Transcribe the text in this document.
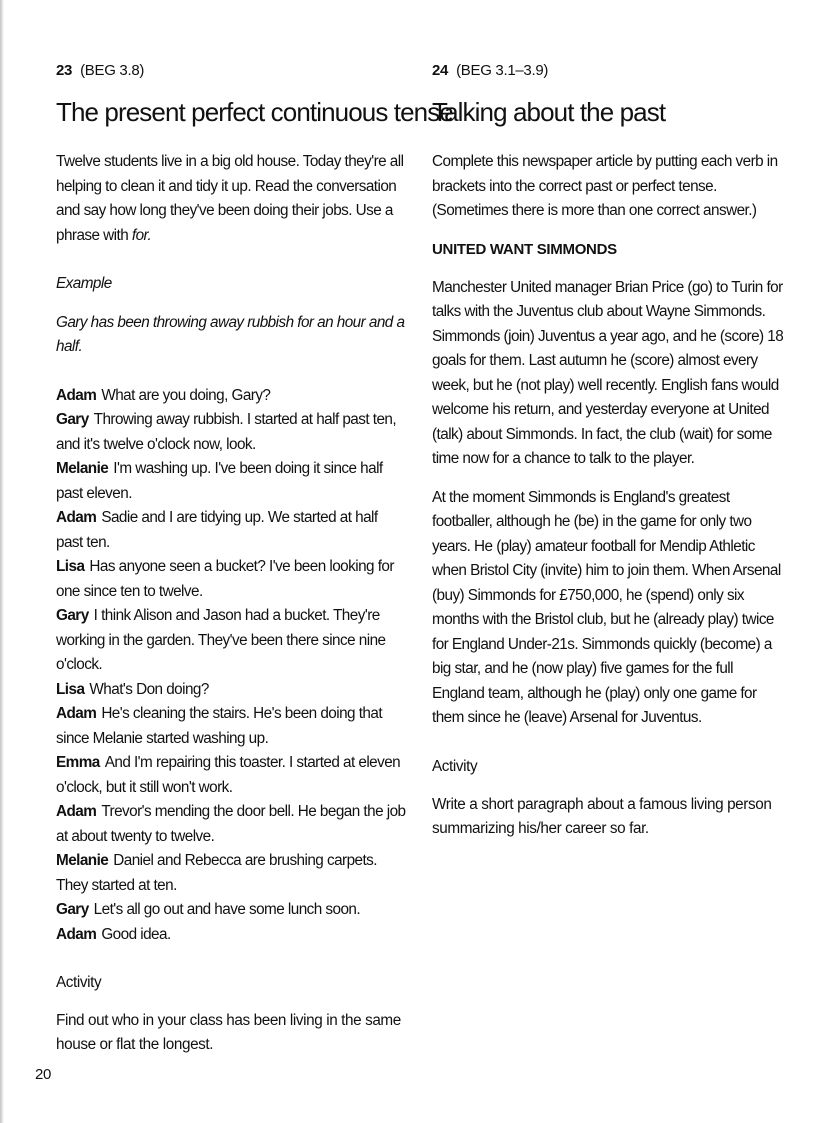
23 (BEG 3.8)
The present perfect continuous tense

Twelve students live in a big old house. Today they're all helping to clean it and tidy it up. Read the conversation and say how long they've been doing their jobs. Use a phrase with for.

Example

Gary has been throwing away rubbish for an hour and a half.

Adam What are you doing, Gary?

Gary Throwing away rubbish. I started at half past ten, and it's twelve o'clock now, look.

Melanie I'm washing up. I've been doing it since half past eleven.

Adam Sadie and I are tidying up. We started at half past ten.

Lisa Has anyone seen a bucket? I've been looking for one since ten to twelve.

Gary I think Alison and Jason had a bucket. They're working in the garden. They've been there since nine o'clock.

Lisa What's Don doing?

Adam He's cleaning the stairs. He's been doing that since Melanie started washing up.

Emma And I'm repairing this toaster. I started at eleven o'clock, but it still won't work.

Adam Trevor's mending the door bell. He began the job at about twenty to twelve.

Melanie Daniel and Rebecca are brushing carpets. They started at ten.

Gary Let's all go out and have some lunch soon.

Adam Good idea.

Activity

Find out who in your class has been living in the same house or flat the longest.

24 (BEG 3.1–3.9)
Talking about the past

Complete this newspaper article by putting each verb in brackets into the correct past or perfect tense. (Sometimes there is more than one correct answer.)

UNITED WANT SIMMONDS

Manchester United manager Brian Price (go) to Turin for talks with the Juventus club about Wayne Simmonds. Simmonds (join) Juventus a year ago, and he (score) 18 goals for them. Last autumn he (score) almost every week, but he (not play) well recently. English fans would welcome his return, and yesterday everyone at United (talk) about Simmonds. In fact, the club (wait) for some time now for a chance to talk to the player.

At the moment Simmonds is England's greatest footballer, although he (be) in the game for only two years. He (play) amateur football for Mendip Athletic when Bristol City (invite) him to join them. When Arsenal (buy) Simmonds for £750,000, he (spend) only six months with the Bristol club, but he (already play) twice for England Under-21s. Simmonds quickly (become) a big star, and he (now play) five games for the full England team, although he (play) only one game for them since he (leave) Arsenal for Juventus.

Activity

Write a short paragraph about a famous living person summarizing his/her career so far.

20
